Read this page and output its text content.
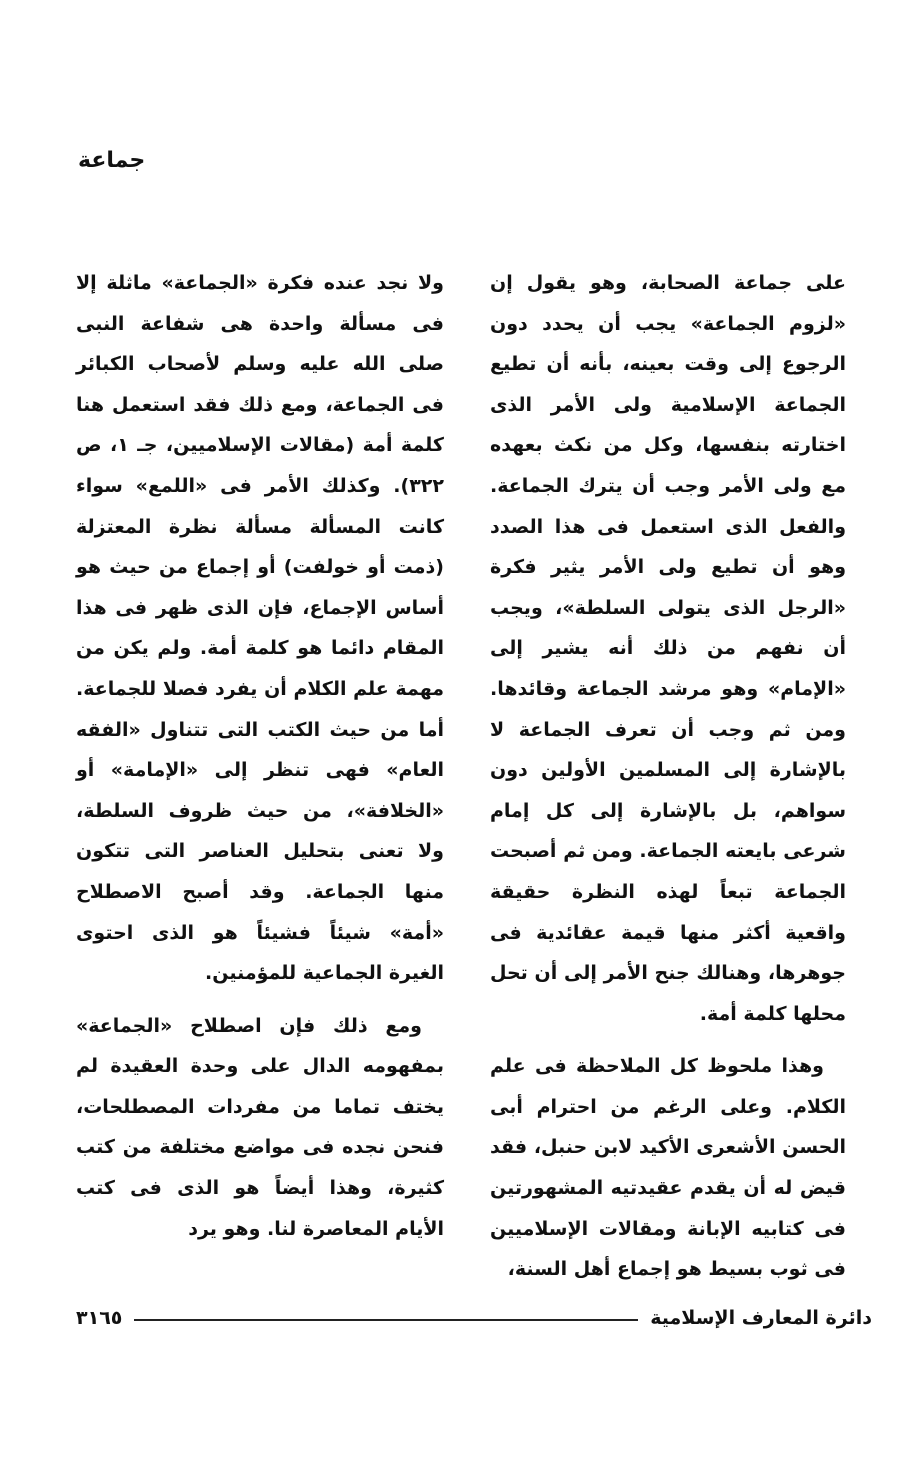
جماعة

على جماعة الصحابة، وهو يقول إن «لزوم الجماعة» يجب أن يحدد دون الرجوع إلى وقت بعينه، بأنه أن تطيع الجماعة الإسلامية ولى الأمر الذى اختارته بنفسها، وكل من نكث بعهده مع ولى الأمر وجب أن يترك الجماعة. والفعل الذى استعمل فى هذا الصدد وهو أن تطيع ولى الأمر يثير فكرة «الرجل الذى يتولى السلطة»، ويجب أن نفهم من ذلك أنه يشير إلى «الإمام» وهو مرشد الجماعة وقائدها. ومن ثم وجب أن تعرف الجماعة لا بالإشارة إلى المسلمين الأولين دون سواهم، بل بالإشارة إلى كل إمام شرعى بايعته الجماعة. ومن ثم أصبحت الجماعة تبعاً لهذه النظرة حقيقة واقعية أكثر منها قيمة عقائدية فى جوهرها، وهنالك جنح الأمر إلى أن تحل محلها كلمة أمة.

وهذا ملحوظ كل الملاحظة فى علم الكلام. وعلى الرغم من احترام أبى الحسن الأشعرى الأكيد لابن حنبل، فقد قيض له أن يقدم عقيدتيه المشهورتين فى كتابيه الإبانة ومقالات الإسلاميين فى ثوب بسيط هو إجماع أهل السنة،

ولا نجد عنده فكرة «الجماعة» ماثلة إلا فى مسألة واحدة هى شفاعة النبى صلى الله عليه وسلم لأصحاب الكبائر فى الجماعة، ومع ذلك فقد استعمل هنا كلمة أمة (مقالات الإسلاميين، جـ ١، ص ٣٢٢). وكذلك الأمر فى «اللمع» سواء كانت المسألة مسألة نظرة المعتزلة (ذمت أو خولفت) أو إجماع من حيث هو أساس الإجماع، فإن الذى ظهر فى هذا المقام دائما هو كلمة أمة. ولم يكن من مهمة علم الكلام أن يفرد فصلا للجماعة. أما من حيث الكتب التى تتناول «الفقه العام» فهى تنظر إلى «الإمامة» أو «الخلافة»، من حيث ظروف السلطة، ولا تعنى بتحليل العناصر التى تتكون منها الجماعة. وقد أصبح الاصطلاح «أمة» شيئاً فشيئاً هو الذى احتوى الغيرة الجماعية للمؤمنين.

ومع ذلك فإن اصطلاح «الجماعة» بمفهومه الدال على وحدة العقيدة لم يختف تماما من مفردات المصطلحات، فنحن نجده فى مواضع مختلفة من كتب كثيرة، وهذا أيضاً هو الذى فى كتب الأيام المعاصرة لنا. وهو يرد

دائرة المعارف الإسلامية
٣١٦٥
